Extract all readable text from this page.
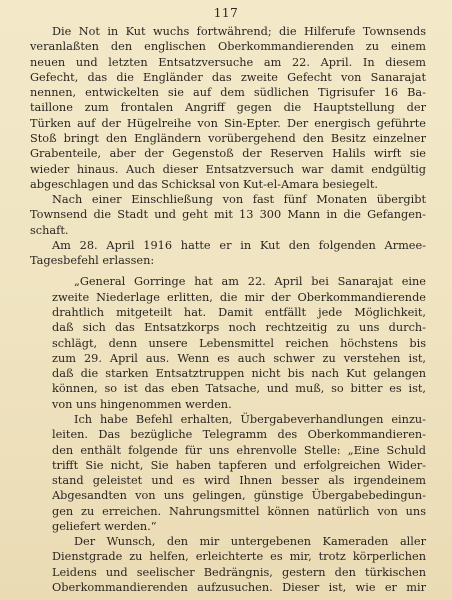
117
Die Not in Kut wuchs fortwährend; die Hilferufe Townsends
veranlaßten den englischen Oberkommandierenden zu einem
neuen und letzten Entsatzversuche am 22. April. In diesem
Gefecht, das die Engländer das zweite Gefecht von Sanarajat
nennen, entwickelten sie auf dem südlichen Tigrisufer 16 Ba-
taillone zum frontalen Angriff gegen die Hauptstellung der
Türken auf der Hügelreihe von Sin-Epter. Der energisch geführte
Stoß bringt den Engländern vorübergehend den Besitz einzelner
Grabenteile, aber der Gegenstoß der Reserven Halils wirft sie
wieder hinaus. Auch dieser Entsatzversuch war damit endgültig
abgeschlagen und das Schicksal von Kut-el-Amara besiegelt.
Nach einer Einschließung von fast fünf Monaten übergibt
Townsend die Stadt und geht mit 13 300 Mann in die Gefangen-
schaft.
Am 28. April 1916 hatte er in Kut den folgenden Armee-
Tagesbefehl erlassen:
„General Gorringe hat am 22. April bei Sanarajat eine
zweite Niederlage erlitten, die mir der Oberkommandierende
drahtlich mitgeteilt hat. Damit entfällt jede Möglichkeit,
daß sich das Entsatzkorps noch rechtzeitig zu uns durch-
schlägt, denn unsere Lebensmittel reichen höchstens bis
zum 29. April aus. Wenn es auch schwer zu verstehen ist,
daß die starken Entsatztruppen nicht bis nach Kut gelangen
können, so ist das eben Tatsache, und muß, so bitter es ist,
von uns hingenommen werden.
Ich habe Befehl erhalten, Übergabeverhandlungen einzu-
leiten. Das bezügliche Telegramm des Oberkommandieren-
den enthält folgende für uns ehrenvolle Stelle: „Eine Schuld
trifft Sie nicht, Sie haben tapferen und erfolgreichen Wider-
stand geleistet und es wird Ihnen besser als irgendeinem
Abgesandten von uns gelingen, günstige Übergabebedingun-
gen zu erreichen. Nahrungsmittel können natürlich von uns
geliefert werden.“
Der Wunsch, den mir untergebenen Kameraden aller
Dienstgrade zu helfen, erleichterte es mir, trotz körperlichen
Leidens und seelischer Bedrängnis, gestern den türkischen
Oberkommandierenden aufzusuchen. Dieser ist, wie er mir
